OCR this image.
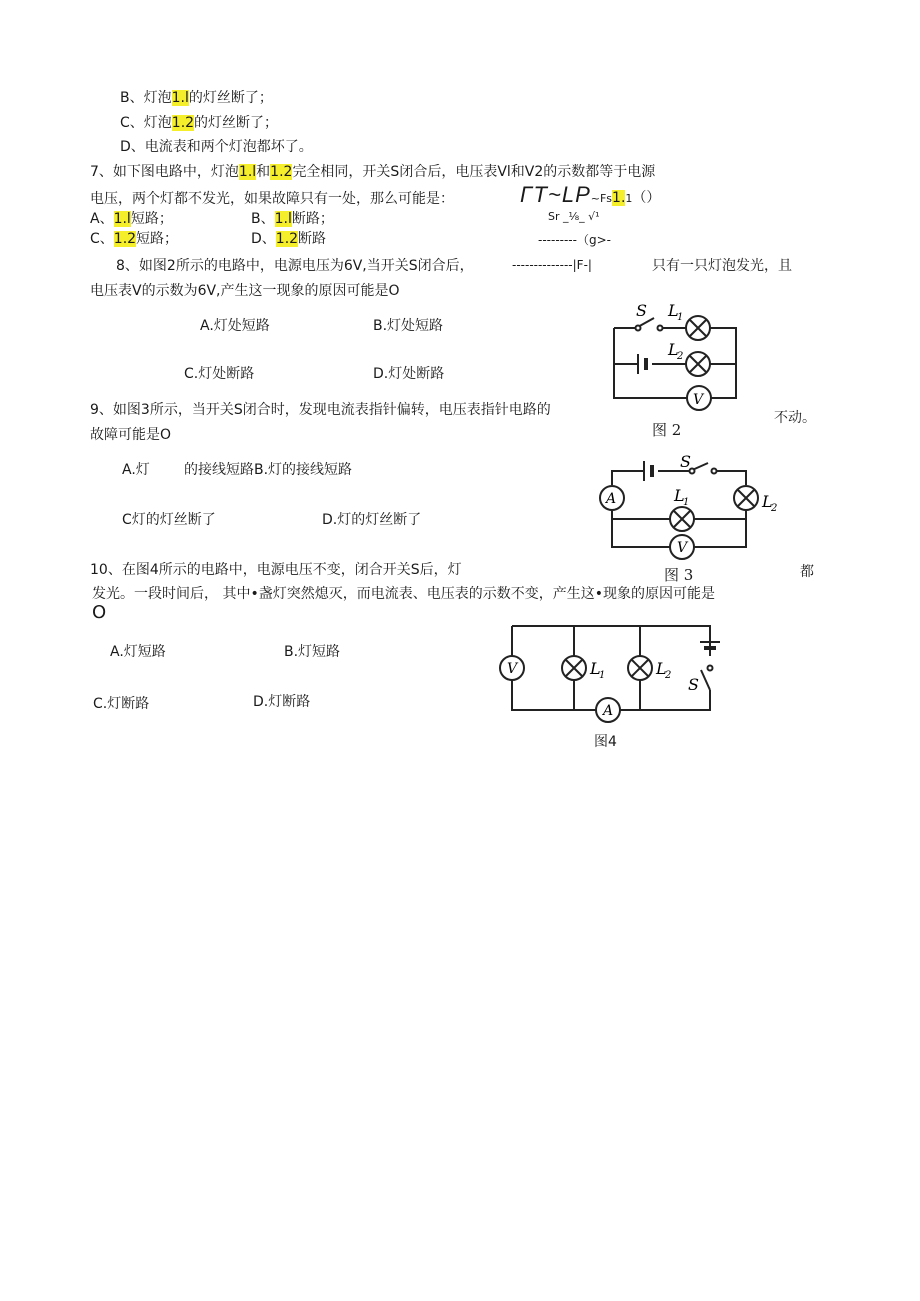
B、灯泡1.l的灯丝断了；
C、灯泡1.2的灯丝断了；
D、电流表和两个灯泡都坏了。
7、如下图电路中，灯泡1.l和1.2完全相同，开关S闭合后，电压表Vl和V2的示数都等于电源
电压，两个灯都不发光，如果故障只有一处，那么可能是：	ΓT~LP~Fs1.1（）
Sr _⅛_ √¹
A、1.l短路；	B、1.l断路；
C、1.2短路；	D、1.2断路	---------（g>-
8、如图2所示的电路中，电源电压为6V,当开关S闭合后，	--------------|F-|	只有一只灯泡发光，且
电压表V的示数为6V,产生这一现象的原因可能是O
A.灯处短路	B.灯处短路
C.灯处断路	D.灯处断路
S L
1
L
2
V
图 2
9、如图3所示，当开关S闭合时，发现电流表指针偏转，电压表指针电路的	不动。
故障可能是O
A.灯 的接线短路B.灯的接线短路
C灯的灯丝断了	D.灯的灯丝断了
S
L
1	L
2
A
V
图 3
10、在图4所示的电路中，电源电压不变，闭合开关S后，灯	都
发光。一段时间后， 其中•盏灯突然熄灭，而电流表、电压表的示数不变，产生这•现象的原因可能是
O
A.灯短路	B.灯短路
C.灯断路	D.灯断路
L
1	L
2 S
V
A
图4
